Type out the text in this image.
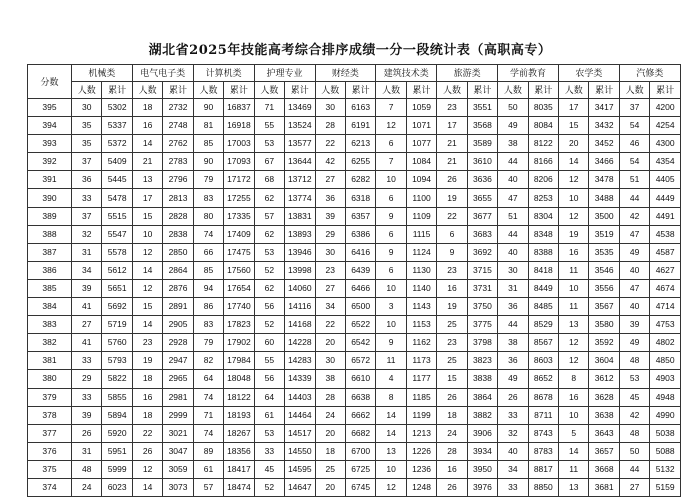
湖北省2025年技能高考综合排序成绩一分一段统计表（高职高专）
分数	机械类		电气电子类		计算机类		护理专业		财经类		建筑技术类		旅游类		学前教育		农学类		汽修类	
	人数	累计	人数	累计	人数	累计	人数	累计	人数	累计	人数	累计	人数	累计	人数	累计	人数	累计	人数	累计
395	30	5302	18	2732	90	16837	71	13469	30	6163	7	1059	23	3551	50	8035	17	3417	37	4200
394	35	5337	16	2748	81	16918	55	13524	28	6191	12	1071	17	3568	49	8084	15	3432	54	4254
393	35	5372	14	2762	85	17003	53	13577	22	6213	6	1077	21	3589	38	8122	20	3452	46	4300
392	37	5409	21	2783	90	17093	67	13644	42	6255	7	1084	21	3610	44	8166	14	3466	54	4354
391	36	5445	13	2796	79	17172	68	13712	27	6282	10	1094	26	3636	40	8206	12	3478	51	4405
390	33	5478	17	2813	83	17255	62	13774	36	6318	6	1100	19	3655	47	8253	10	3488	44	4449
389	37	5515	15	2828	80	17335	57	13831	39	6357	9	1109	22	3677	51	8304	12	3500	42	4491
388	32	5547	10	2838	74	17409	62	13893	29	6386	6	1115	6	3683	44	8348	19	3519	47	4538
387	31	5578	12	2850	66	17475	53	13946	30	6416	9	1124	9	3692	40	8388	16	3535	49	4587
386	34	5612	14	2864	85	17560	52	13998	23	6439	6	1130	23	3715	30	8418	11	3546	40	4627
385	39	5651	12	2876	94	17654	62	14060	27	6466	10	1140	16	3731	31	8449	10	3556	47	4674
384	41	5692	15	2891	86	17740	56	14116	34	6500	3	1143	19	3750	36	8485	11	3567	40	4714
383	27	5719	14	2905	83	17823	52	14168	22	6522	10	1153	25	3775	44	8529	13	3580	39	4753
382	41	5760	23	2928	79	17902	60	14228	20	6542	9	1162	23	3798	38	8567	12	3592	49	4802
381	33	5793	19	2947	82	17984	55	14283	30	6572	11	1173	25	3823	36	8603	12	3604	48	4850
380	29	5822	18	2965	64	18048	56	14339	38	6610	4	1177	15	3838	49	8652	8	3612	53	4903
379	33	5855	16	2981	74	18122	64	14403	28	6638	8	1185	26	3864	26	8678	16	3628	45	4948
378	39	5894	18	2999	71	18193	61	14464	24	6662	14	1199	18	3882	33	8711	10	3638	42	4990
377	26	5920	22	3021	74	18267	53	14517	20	6682	14	1213	24	3906	32	8743	5	3643	48	5038
376	31	5951	26	3047	89	18356	33	14550	18	6700	13	1226	28	3934	40	8783	14	3657	50	5088
375	48	5999	12	3059	61	18417	45	14595	25	6725	10	1236	16	3950	34	8817	11	3668	44	5132
374	24	6023	14	3073	57	18474	52	14647	20	6745	12	1248	26	3976	33	8850	13	3681	27	5159
